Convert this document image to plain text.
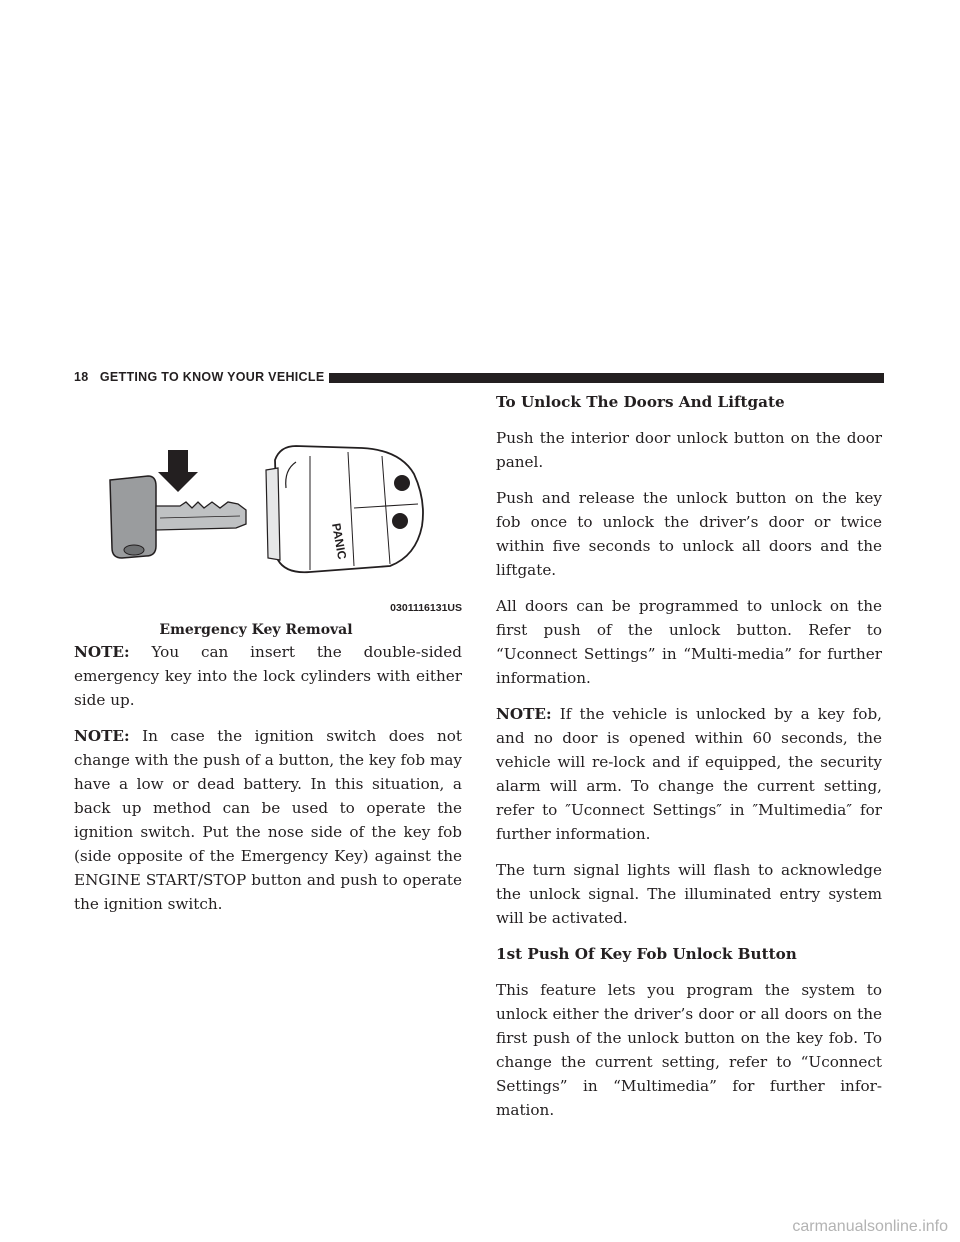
18 GETTING TO KNOW YOUR VEHICLE
PANIC
0301116131US
Emergency Key Removal

NOTE: You can insert the double-sided emergency key into the lock cylinders with either side up.

NOTE: In case the ignition switch does not change with the push of a button, the key fob may have a low or dead battery. In this situation, a back up method can be used to operate the ignition switch. Put the nose side of the key fob (side opposite of the Emergency Key) against the ENGINE START/STOP button and push to operate the ignition switch.

To Unlock The Doors And Liftgate

Push the interior door unlock button on the door panel.

Push and release the unlock button on the key fob once to unlock the driver’s door or twice within five seconds to unlock all doors and the liftgate.

All doors can be programmed to unlock on the first push of the unlock button. Refer to “Uconnect Settings” in “Multi-media” for further information.

NOTE: If the vehicle is unlocked by a key fob, and no door is opened within 60 seconds, the vehicle will re-lock and if equipped, the security alarm will arm. To change the current setting, refer to ″Uconnect Settings″ in ″Multimedia″ for further information.

The turn signal lights will flash to acknowledge the unlock signal. The illuminated entry system will be activated.

1st Push Of Key Fob Unlock Button

This feature lets you program the system to unlock either the driver’s door or all doors on the first push of the unlock button on the key fob. To change the current setting, refer to “Uconnect Settings” in “Multimedia” for further infor-mation.

carmanualsonline.info
